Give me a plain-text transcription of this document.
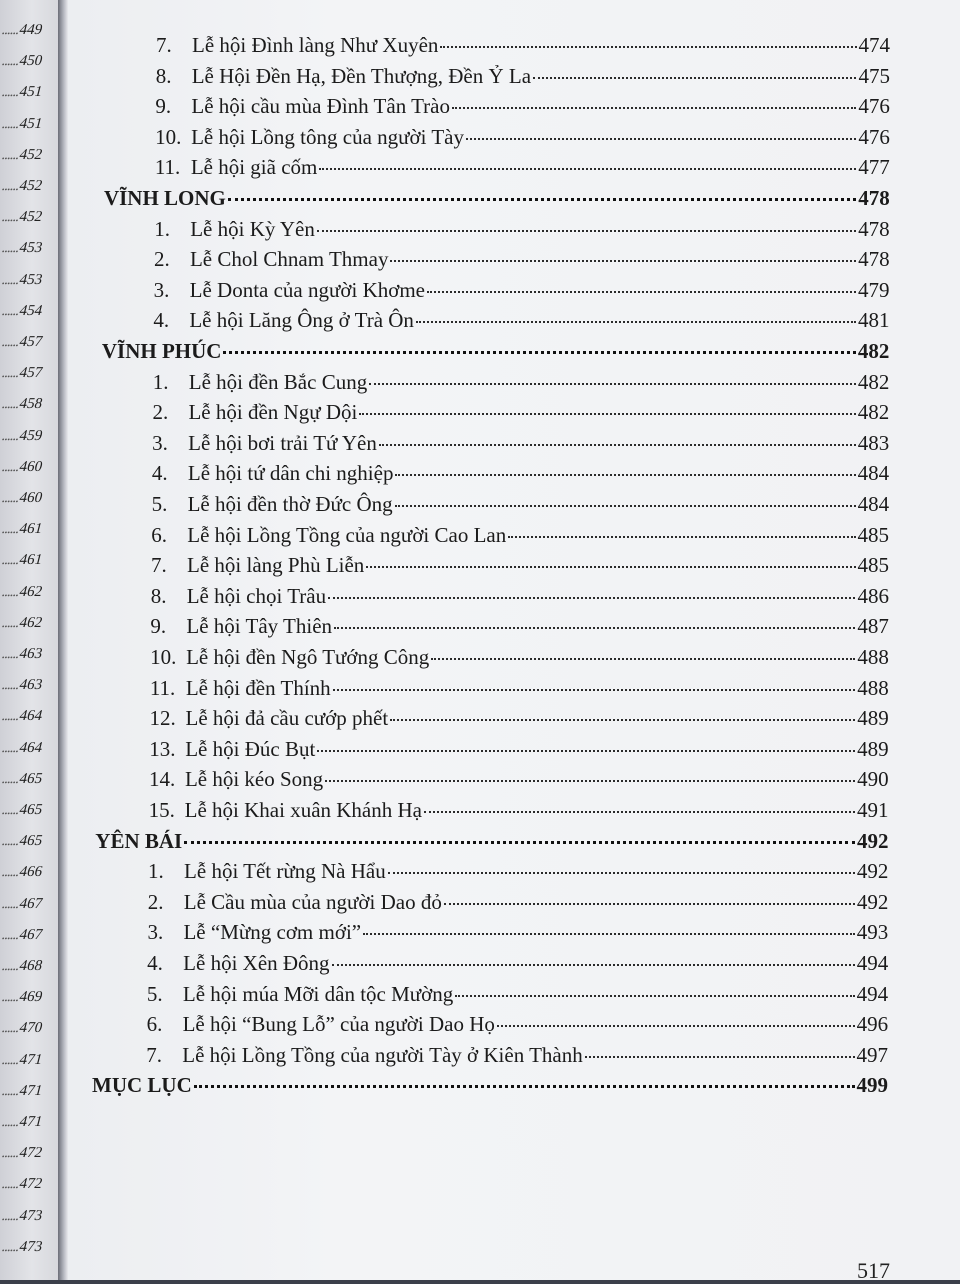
......449
......450
......451
......451
......452
......452
......452
......453
......453
......454
......457
......457
......458
......459
......460
......460
......461
......461
......462
......462
......463
......463
......464
......464
......465
......465
......465
......466
......467
......467
......468
......469
......470
......471
......471
......471
......472
......472
......473
......473
7. Lễ hội Đình làng Như Xuyên	474
8. Lễ Hội Đền Hạ, Đền Thượng, Đền Ỷ La	475
9. Lễ hội cầu mùa Đình Tân Trào	476
10. Lễ hội Lồng tông của người Tày	476
11. Lễ hội giã cốm	477
VĨNH LONG	478
1. Lễ hội Kỳ Yên	478
2. Lễ Chol Chnam Thmay	478
3. Lễ Donta của người Khơme	479
4. Lễ hội Lăng Ông ở Trà Ôn	481
VĨNH PHÚC	482
1. Lễ hội đền Bắc Cung	482
2. Lễ hội đền Ngự Dội	482
3. Lễ hội bơi trải Tứ Yên	483
4. Lễ hội tứ dân chi nghiệp	484
5. Lễ hội đền thờ Đức Ông	484
6. Lễ hội Lồng Tồng của người Cao Lan	485
7. Lễ hội làng Phù Liễn	485
8. Lễ hội chọi Trâu	486
9. Lễ hội Tây Thiên	487
10. Lễ hội đền Ngô Tướng Công	488
11. Lễ hội đền Thính	488
12. Lễ hội đả cầu cướp phết	489
13. Lễ hội Đúc Bụt	489
14. Lễ hội kéo Song	490
15. Lễ hội Khai xuân Khánh Hạ	491
YÊN BÁI	492
1. Lễ hội Tết rừng Nà Hẩu	492
2. Lễ Cầu mùa của người Dao đỏ	492
3. Lễ “Mừng cơm mới”	493
4. Lễ hội Xên Đông	494
5. Lễ hội múa Mỡi dân tộc Mường	494
6. Lễ hội “Bung Lỗ” của người Dao Họ	496
7. Lễ hội Lồng Tồng của người Tày ở Kiên Thành	497
MỤC LỤC	499
517
